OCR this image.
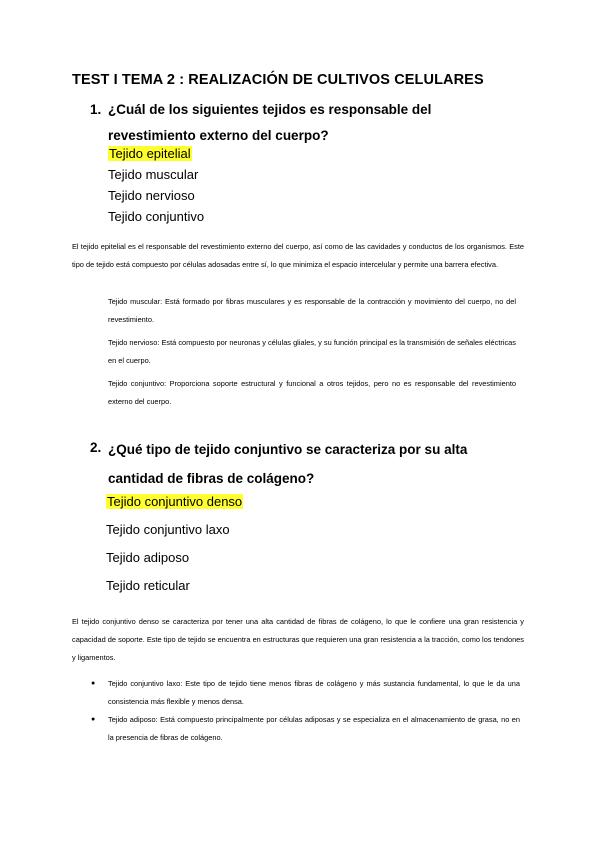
TEST I TEMA 2 : REALIZACIÓN DE CULTIVOS CELULARES
1. ¿Cuál de los siguientes tejidos es responsable del revestimiento externo del cuerpo?
Tejido epitelial
Tejido muscular
Tejido nervioso
Tejido conjuntivo
El tejido epitelial es el responsable del revestimiento externo del cuerpo, así como de las cavidades y conductos de los organismos. Este tipo de tejido está compuesto por células adosadas entre sí, lo que minimiza el espacio intercelular y permite una barrera efectiva.
Tejido muscular: Está formado por fibras musculares y es responsable de la contracción y movimiento del cuerpo, no del revestimiento.
Tejido nervioso: Está compuesto por neuronas y células gliales, y su función principal es la transmisión de señales eléctricas en el cuerpo.
Tejido conjuntivo: Proporciona soporte estructural y funcional a otros tejidos, pero no es responsable del revestimiento externo del cuerpo.
2. ¿Qué tipo de tejido conjuntivo se caracteriza por su alta cantidad de fibras de colágeno?
Tejido conjuntivo denso
Tejido conjuntivo laxo
Tejido adiposo
Tejido reticular
El tejido conjuntivo denso se caracteriza por tener una alta cantidad de fibras de colágeno, lo que le confiere una gran resistencia y capacidad de soporte. Este tipo de tejido se encuentra en estructuras que requieren una gran resistencia a la tracción, como los tendones y ligamentos.
● Tejido conjuntivo laxo: Este tipo de tejido tiene menos fibras de colágeno y más sustancia fundamental, lo que le da una consistencia más flexible y menos densa.
● Tejido adiposo: Está compuesto principalmente por células adiposas y se especializa en el almacenamiento de grasa, no en la presencia de fibras de colágeno.
